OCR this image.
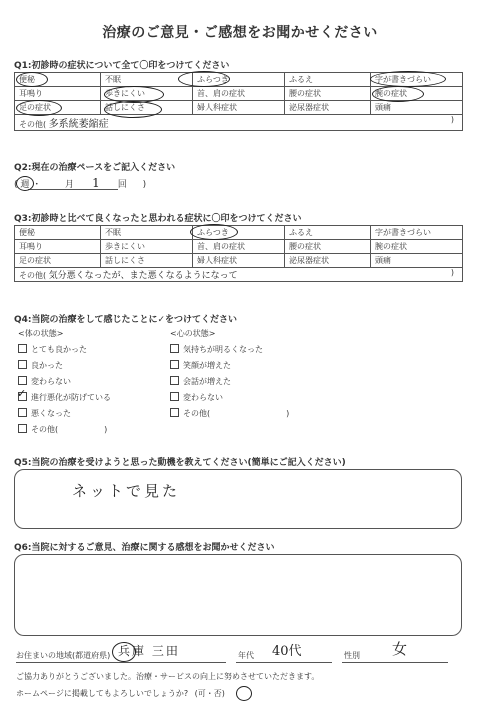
治療のご意見・ご感想をお聞かせください
Q1:初診時の症状について全て〇印をつけてください
便秘	不眠	ふらつき	ふるえ	字が書きづらい
耳鳴り	歩きにくい	首、肩の症状	腰の症状	腕の症状
足の症状	話しにくさ	婦人科症状	泌尿器症状	頭痛
その他( 多系統萎縮症 )				
Q2:現在の治療ペースをご記入ください
( 週 ・	月 1 回 )
Q3:初診時と比べて良くなったと思われる症状に〇印をつけてください
便秘	不眠	ふらつき	ふるえ	字が書きづらい
耳鳴り	歩きにくい	首、肩の症状	腰の症状	腕の症状
足の症状	話しにくさ	婦人科症状	泌尿器症状	頭痛
その他( 気分悪くなったが、また悪くなるようになって )				
Q4:当院の治療をして感じたことに✓をつけてください
<体の状態>	<心の状態>
とても良かった
良かった
変わらない
進行悪化が防げている
悪くなった
その他(	)
✓
気持ちが明るくなった
笑顔が増えた
会話が増えた
変わらない
その他(	)
Q5:当院の治療を受けようと思った動機を教えてください(簡単にご記入ください)
ネットで見た
Q6:当院に対するご意見、治療に関する感想をお聞かせください
お住まいの地域(都道府県) 兵庫 三田	年代 40代	性別 女
ご協力ありがとうございました。治療・サービスの向上に努めさせていただきます。
ホームページに掲載してもよろしいでしょうか? (可・否)
